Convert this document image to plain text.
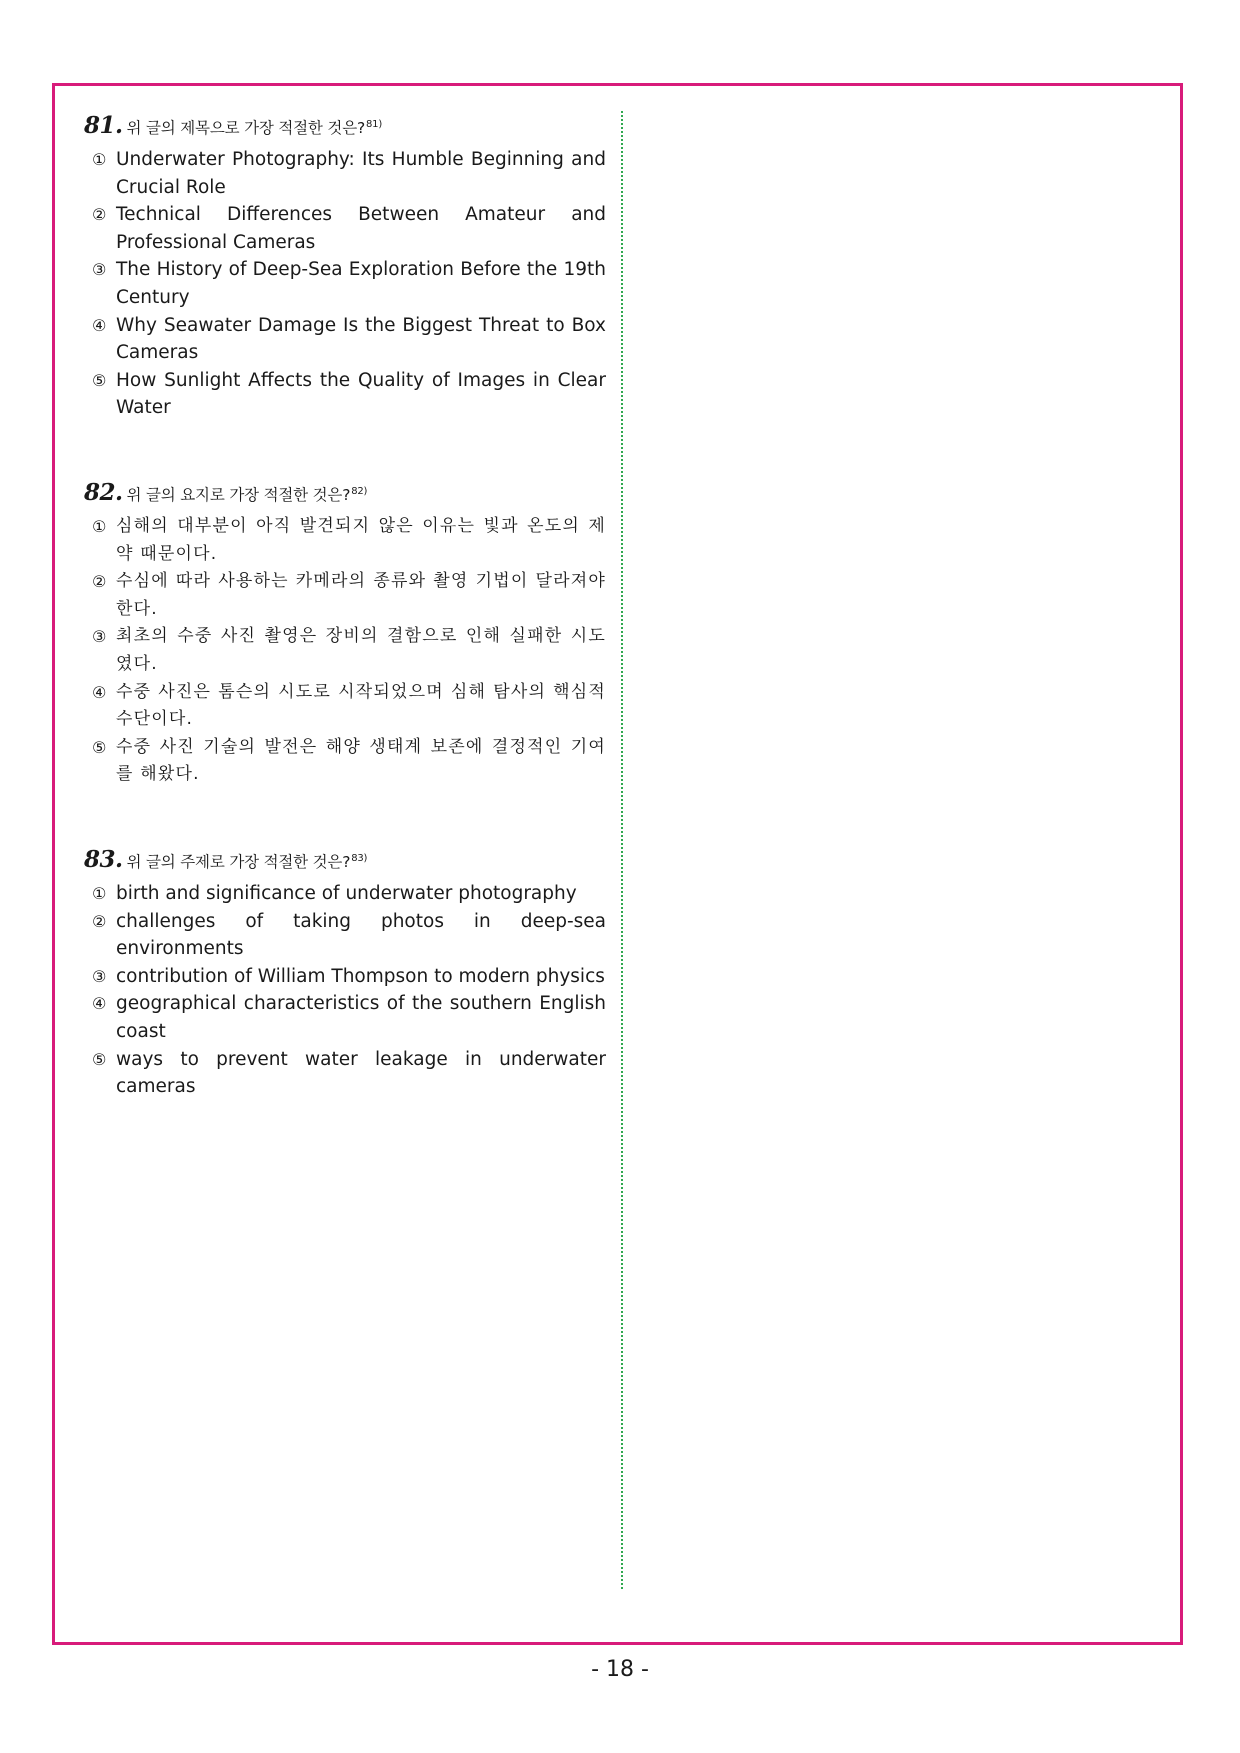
81. 위 글의 제목으로 가장 적절한 것은?$^{81)}$
① Underwater Photography: Its Humble Beginning and Crucial Role
② Technical Differences Between Amateur and Professional Cameras
③ The History of Deep-Sea Exploration Before the 19th Century
④ Why Seawater Damage Is the Biggest Threat to Box Cameras
⑤ How Sunlight Affects the Quality of Images in Clear Water
82. 위 글의 요지로 가장 적절한 것은?$^{82)}$
① 심해의 대부분이 아직 발견되지 않은 이유는 빛과 온도의 제약 때문이다.
② 수심에 따라 사용하는 카메라의 종류와 촬영 기법이 달라져야 한다.
③ 최초의 수중 사진 촬영은 장비의 결함으로 인해 실패한 시도였다.
④ 수중 사진은 톰슨의 시도로 시작되었으며 심해 탐사의 핵심적 수단이다.
⑤ 수중 사진 기술의 발전은 해양 생태계 보존에 결정적인 기여를 해왔다.
83. 위 글의 주제로 가장 적절한 것은?$^{83)}$
① birth and significance of underwater photography
② challenges of taking photos in deep-sea environments
③ contribution of William Thompson to modern physics
④ geographical characteristics of the southern English coast
⑤ ways to prevent water leakage in underwater cameras
- 18 -
